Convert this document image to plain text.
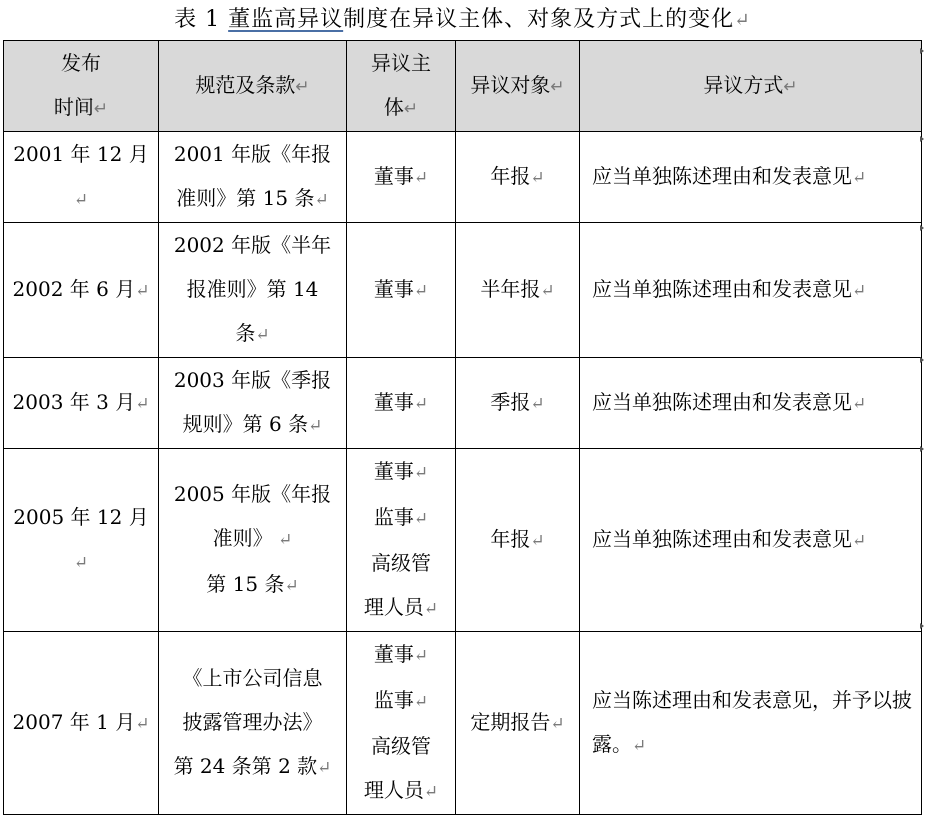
表 1 董监高异议制度在异议主体、对象及方式上的变化↵
发布
时间↵	规范及条款↵	异议主
体↵	异议对象↵	异议方式↵

2001 年 12 月↵	2001 年版《年报
准则》第 15 条↵	董事↵	年报↵	应当单独陈述理由和发表意见↵
2002 年 6 月↵	2002 年版《半年
报准则》第 14
条↵	董事↵	半年报↵	应当单独陈述理由和发表意见↵
2003 年 3 月↵	2003 年版《季报
规则》第 6 条↵	董事↵	季报↵	应当单独陈述理由和发表意见↵
2005 年 12 月↵	2005 年版《年报
准则》 ↵
第 15 条↵	董事↵
监事↵
高级管
理人员↵	年报↵	应当单独陈述理由和发表意见↵
2007 年 1 月↵	《上市公司信息
披露管理办法》
第 24 条第 2 款↵	董事↵
监事↵
高级管
理人员↵	定期报告↵	应当陈述理由和发表意见，并予以披露。↵
